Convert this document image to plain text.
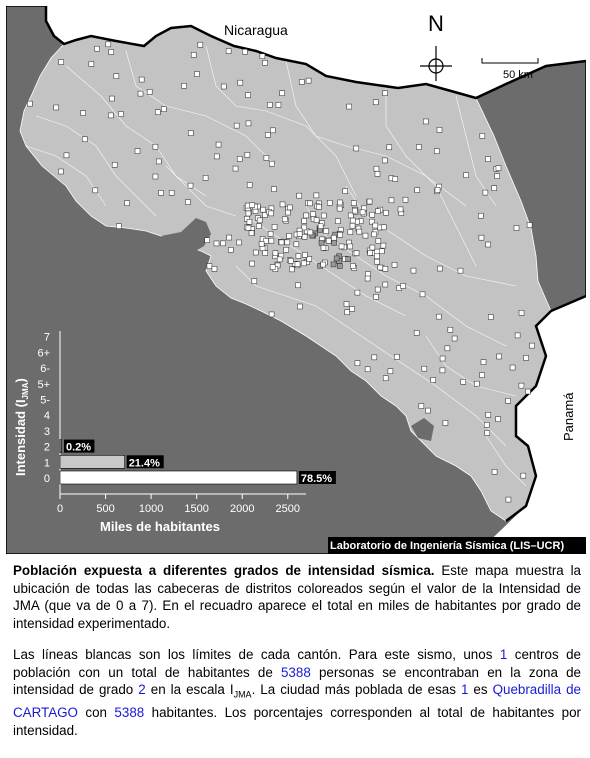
Nicaragua
Panamá
N
50 km
Intensidad $(I_{JMA})$
0
1
2
3
4
5-
5+
6-
6+
7
78.5%
21.4%
0.2%
0	500 1000 1500 2000 2500
Miles de habitantes
Laboratorio de Ingeniería Sísmica (LIS–UCR)
Población expuesta a diferentes grados de intensidad sísmica. Este mapa muestra la ubicación de todas las cabeceras de distritos coloreados según el valor de la Intensidad de JMA (que va de 0 a 7). En el recuadro aparece el total en miles de habitantes por grado de intensidad experimentado.
Las líneas blancas son los límites de cada cantón. Para este sismo, unos 1 centros de población con un total de habitantes de 5388 personas se encontraban en la zona de intensidad de grado 2 en la escala $I_{JMA}$. La ciudad más poblada de esas 1 es Quebradilla de CARTAGO con 5388 habitantes. Los porcentajes corresponden al total de habitantes por intensidad.
